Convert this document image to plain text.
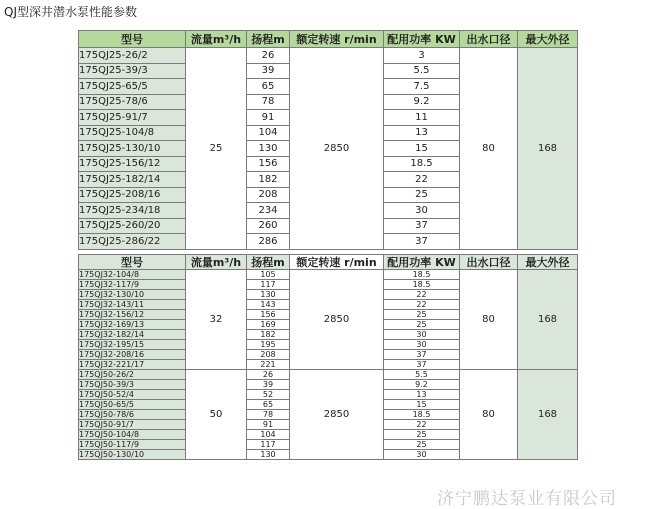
QJ型深井潜水泵性能参数
型号	流量m³/h	扬程m	额定转速 r/min	配用功率 KW	出水口径	最大外径
175QJ25-26/2	25	26	2850	3	80	168
175QJ25-39/3		39		5.5		
175QJ25-65/5		65		7.5		
175QJ25-78/6		78		9.2		
175QJ25-91/7		91		11		
175QJ25-104/8		104		13		
175QJ25-130/10		130		15		
175QJ25-156/12		156		18.5		
175QJ25-182/14		182		22		
175QJ25-208/16		208		25		
175QJ25-234/18		234		30		
175QJ25-260/20		260		37		
175QJ25-286/22		286		37		
型号	流量m³/h	扬程m	额定转速 r/min	配用功率 KW	出水口径	最大外径
175QJ32-104/8	32	105	2850	18.5	80	168
175QJ32-117/9		117		18.5		
175QJ32-130/10		130		22		
175QJ32-143/11		143		22		
175QJ32-156/12		156		25		
175QJ32-169/13		169		25		
175QJ32-182/14		182		30		
175QJ32-195/15		195		30		
175QJ32-208/16		208		37		
175QJ32-221/17		221		37		
175QJ50-26/2	50	26	2850	5.5	80	168
175QJ50-39/3		39		9.2		
175QJ50-52/4		52		13		
175QJ50-65/5		65		15		
175QJ50-78/6		78		18.5		
175QJ50-91/7		91		22		
175QJ50-104/8		104		25		
175QJ50-117/9		117		25		
175QJ50-130/10		130		30		
济宁鹏达泵业有限公司
